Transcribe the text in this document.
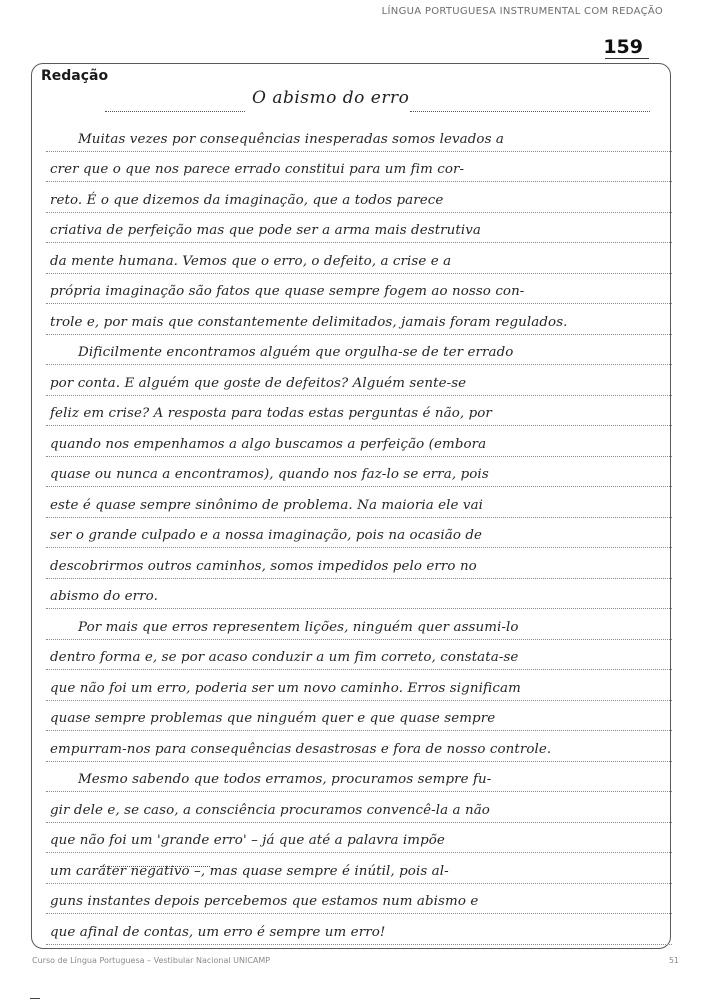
LÍNGUA PORTUGUESA INSTRUMENTAL COM REDAÇÃO
159
Redação
O abismo do erro
Muitas vezes por consequências inesperadas somos levados a
crer que o que nos parece errado constitui para um fim cor-
reto. É o que dizemos da imaginação, que a todos parece
criativa de perfeição mas que pode ser a arma mais destrutiva
da mente humana. Vemos que o erro, o defeito, a crise e a
própria imaginação são fatos que quase sempre fogem ao nosso con-
trole e, por mais que constantemente delimitados, jamais foram regulados.
Dificilmente encontramos alguém que orgulha-se de ter errado
por conta. E alguém que goste de defeitos? Alguém sente-se
feliz em crise? A resposta para todas estas perguntas é não, por
quando nos empenhamos a algo buscamos a perfeição (embora
quase ou nunca a encontramos), quando nos faz-lo se erra, pois
este é quase sempre sinônimo de problema. Na maioria ele vai
ser o grande culpado e a nossa imaginação, pois na ocasião de
descobrirmos outros caminhos, somos impedidos pelo erro no
abismo do erro.
Por mais que erros representem lições, ninguém quer assumi-lo
dentro forma e, se por acaso conduzir a um fim correto, constata-se
que não foi um erro, poderia ser um novo caminho. Erros significam
quase sempre problemas que ninguém quer e que quase sempre
empurram-nos para consequências desastrosas e fora de nosso controle.
Mesmo sabendo que todos erramos, procuramos sempre fu-
gir dele e, se caso, a consciência procuramos convencê-la a não
que não foi um 'grande erro' – já que até a palavra impõe
um caráter negativo –, mas quase sempre é inútil, pois al-
guns instantes depois percebemos que estamos num abismo e
que afinal de contas, um erro é sempre um erro!
Curso de Língua Portuguesa – Vestibular Nacional UNICAMP	51
